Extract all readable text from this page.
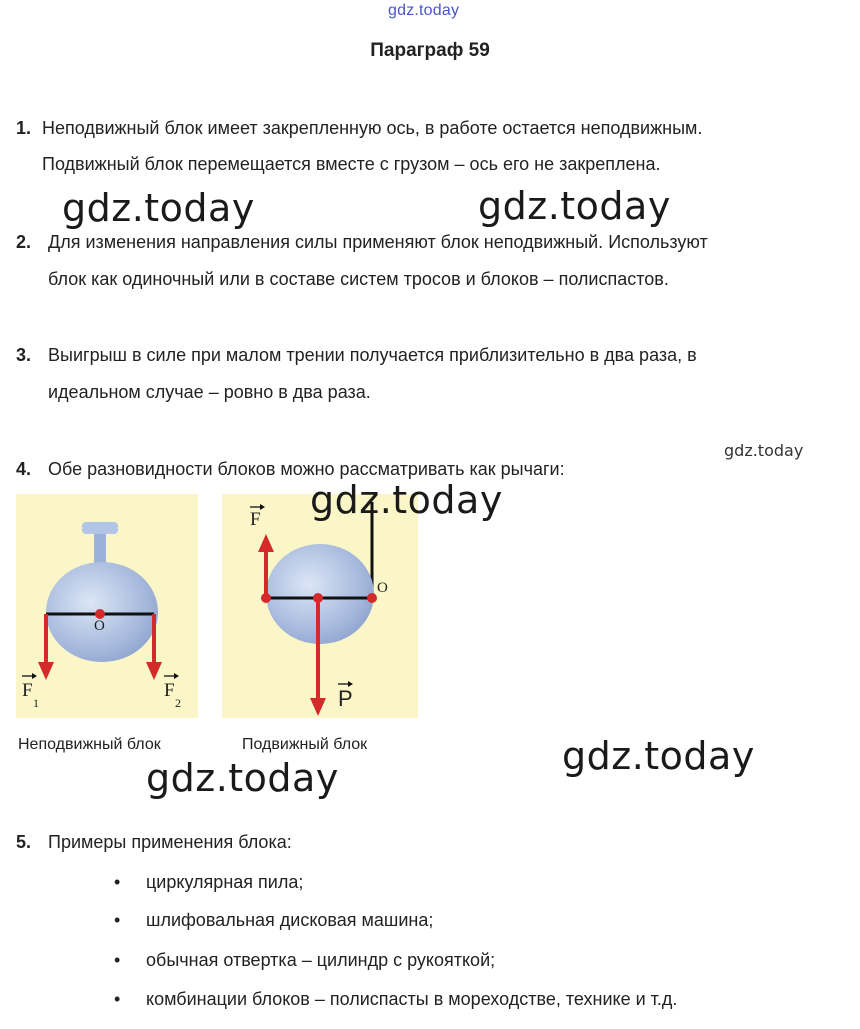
gdz.today
Параграф 59
1. Неподвижный блок имеет закрепленную ось, в работе остается неподвижным.
Подвижный блок перемещается вместе с грузом – ось его не закреплена.
gdz.today	gdz.today
2. Для изменения направления силы применяют блок неподвижный. Используют
блок как одиночный или в составе систем тросов и блоков – полиспастов.
3. Выигрыш в силе при малом трении получается приблизительно в два раза, в
идеальном случае – ровно в два раза.
gdz.today
4. Обе разновидности блоков можно рассматривать как рычаги:
O
F
1
F
2
F
O
P
gdz.today
Неподвижный блок	Подвижный блок	gdz.today
gdz.today
5. Примеры применения блока:
• циркулярная пила;
• шлифовальная дисковая машина;
• обычная отвертка – цилиндр с рукояткой;
• комбинации блоков – полиспасты в мореходстве, технике и т.д.
